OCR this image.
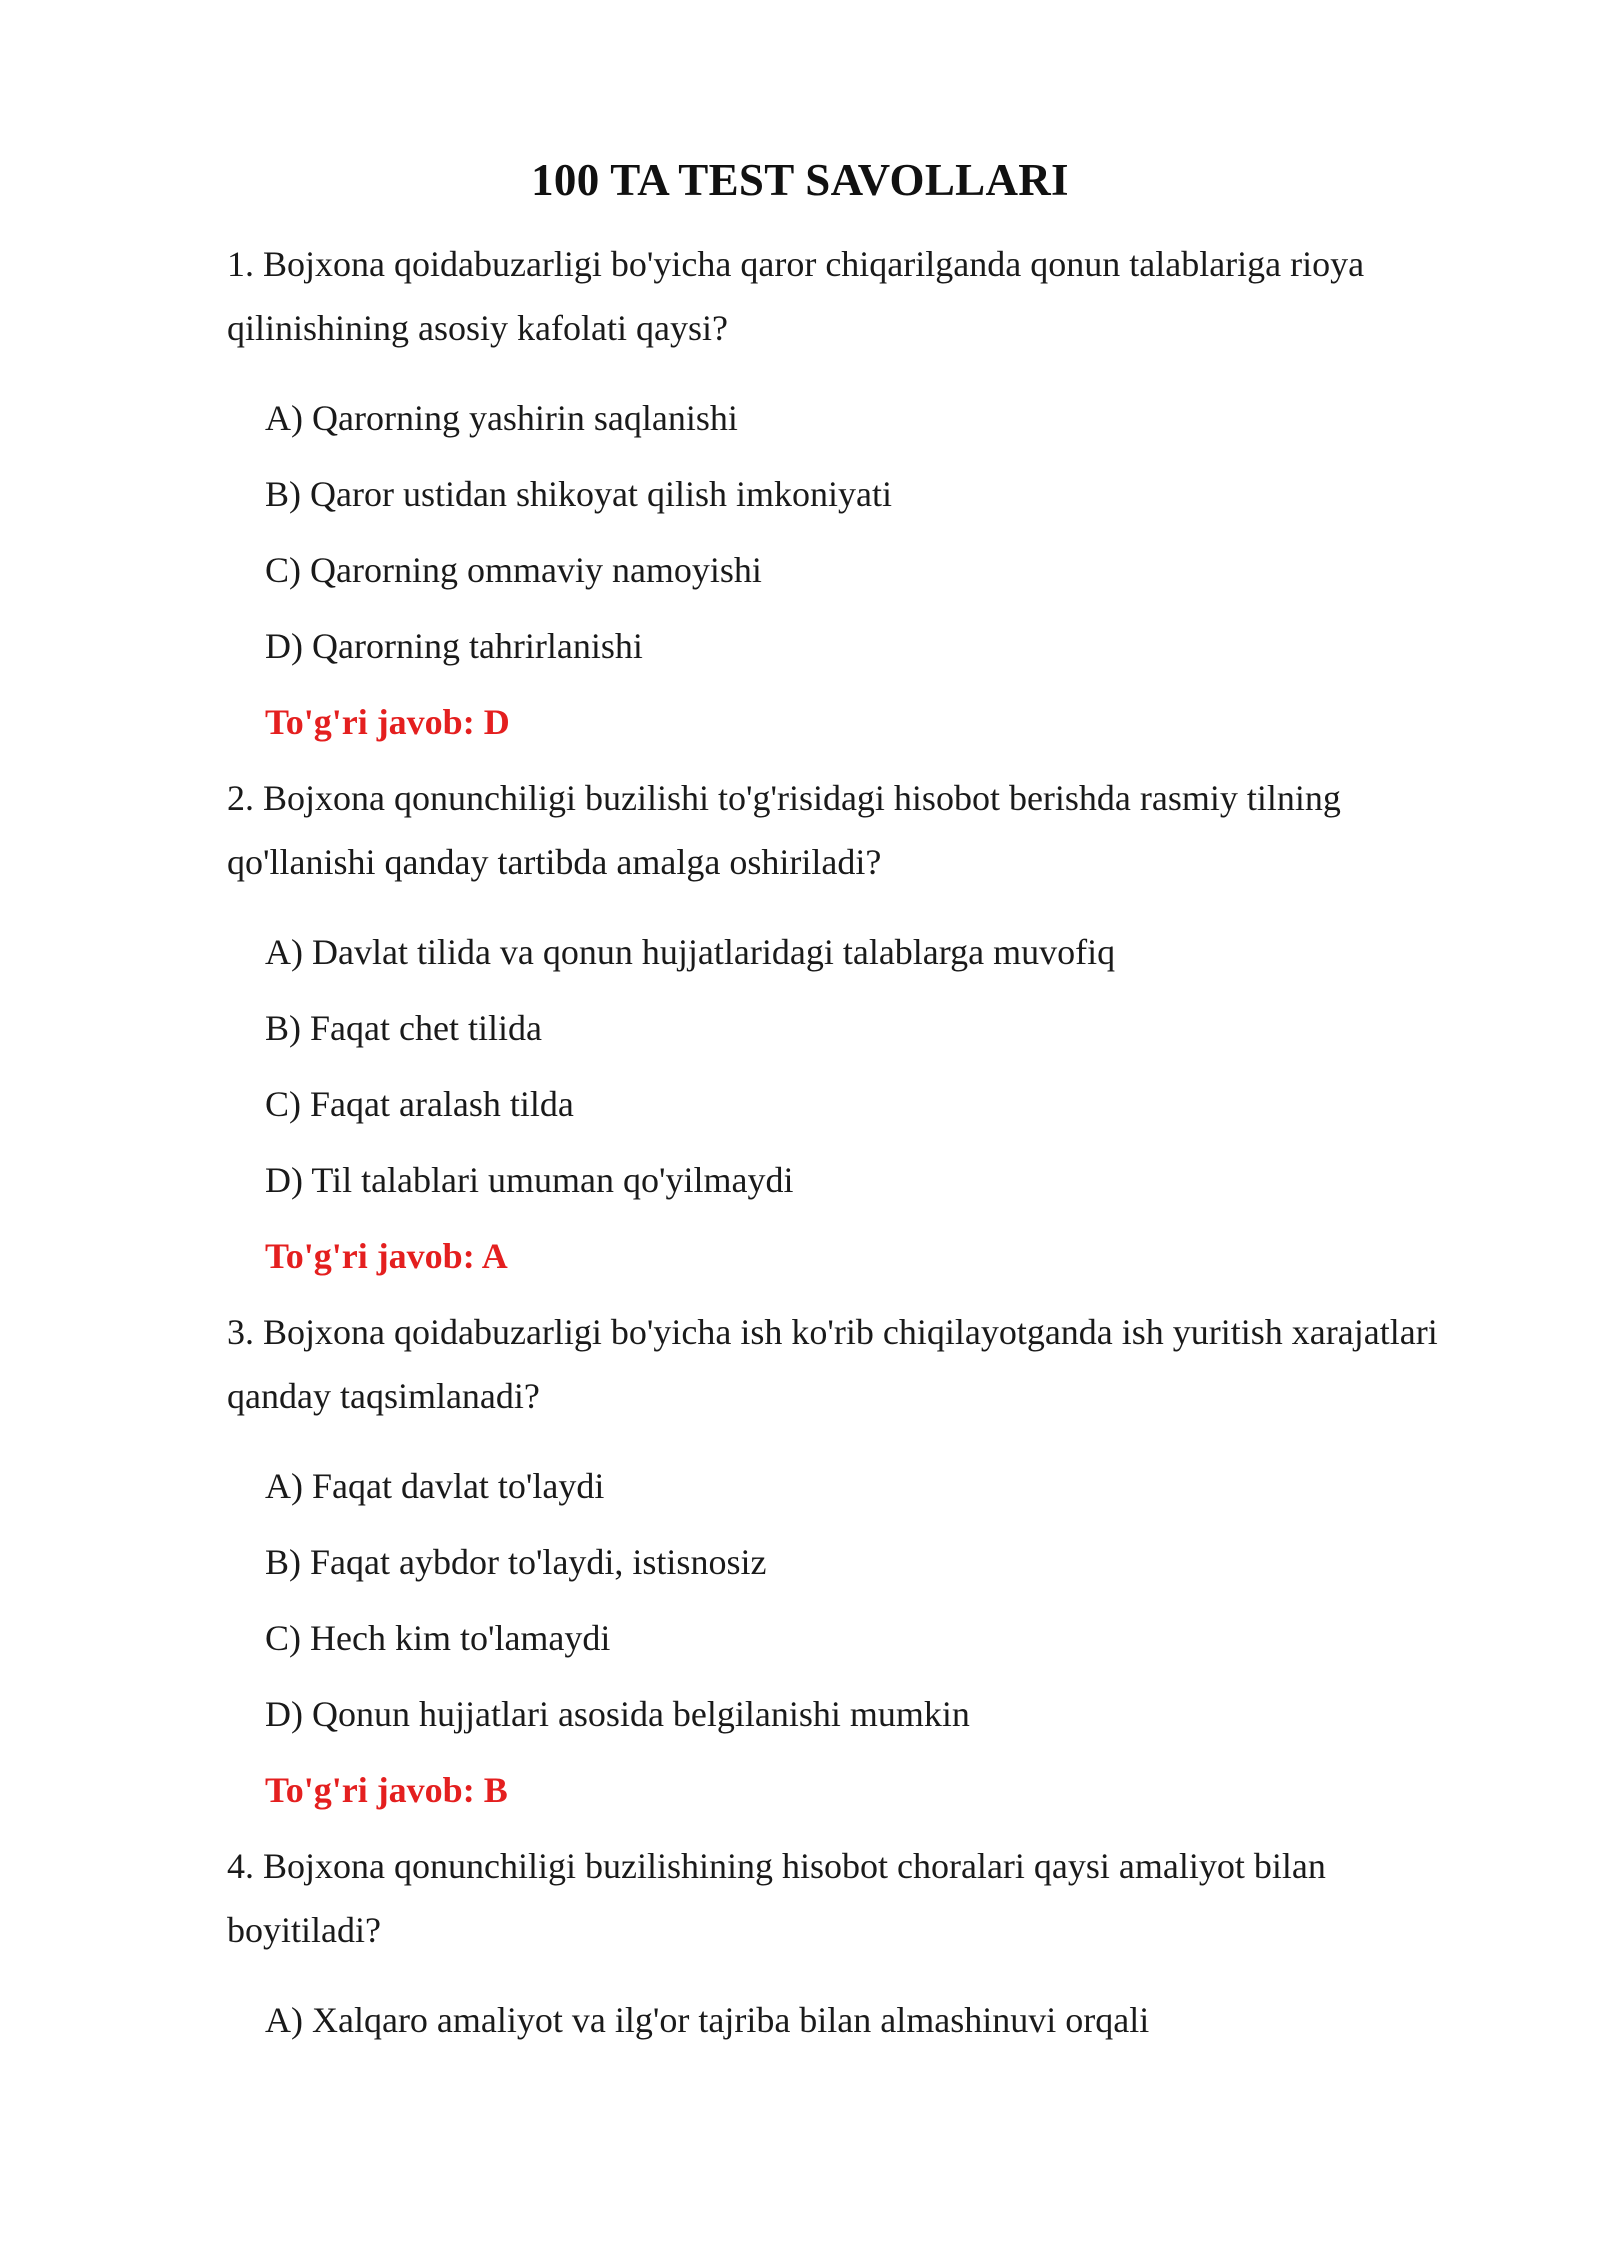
100 TA TEST SAVOLLARI
1. Bojxona qoidabuzarligi bo'yicha qaror chiqarilganda qonun talablariga rioya qilinishining asosiy kafolati qaysi?
A) Qarorning yashirin saqlanishi
B) Qaror ustidan shikoyat qilish imkoniyati
C) Qarorning ommaviy namoyishi
D) Qarorning tahrirlanishi
To'g'ri javob: D
2. Bojxona qonunchiligi buzilishi to'g'risidagi hisobot berishda rasmiy tilning qo'llanishi qanday tartibda amalga oshiriladi?
A) Davlat tilida va qonun hujjatlaridagi talablarga muvofiq
B) Faqat chet tilida
C) Faqat aralash tilda
D) Til talablari umuman qo'yilmaydi
To'g'ri javob: A
3. Bojxona qoidabuzarligi bo'yicha ish ko'rib chiqilayotganda ish yuritish xarajatlari qanday taqsimlanadi?
A) Faqat davlat to'laydi
B) Faqat aybdor to'laydi, istisnosiz
C) Hech kim to'lamaydi
D) Qonun hujjatlari asosida belgilanishi mumkin
To'g'ri javob: B
4. Bojxona qonunchiligi buzilishining hisobot choralari qaysi amaliyot bilan boyitiladi?
A) Xalqaro amaliyot va ilg'or tajriba bilan almashinuvi orqali
